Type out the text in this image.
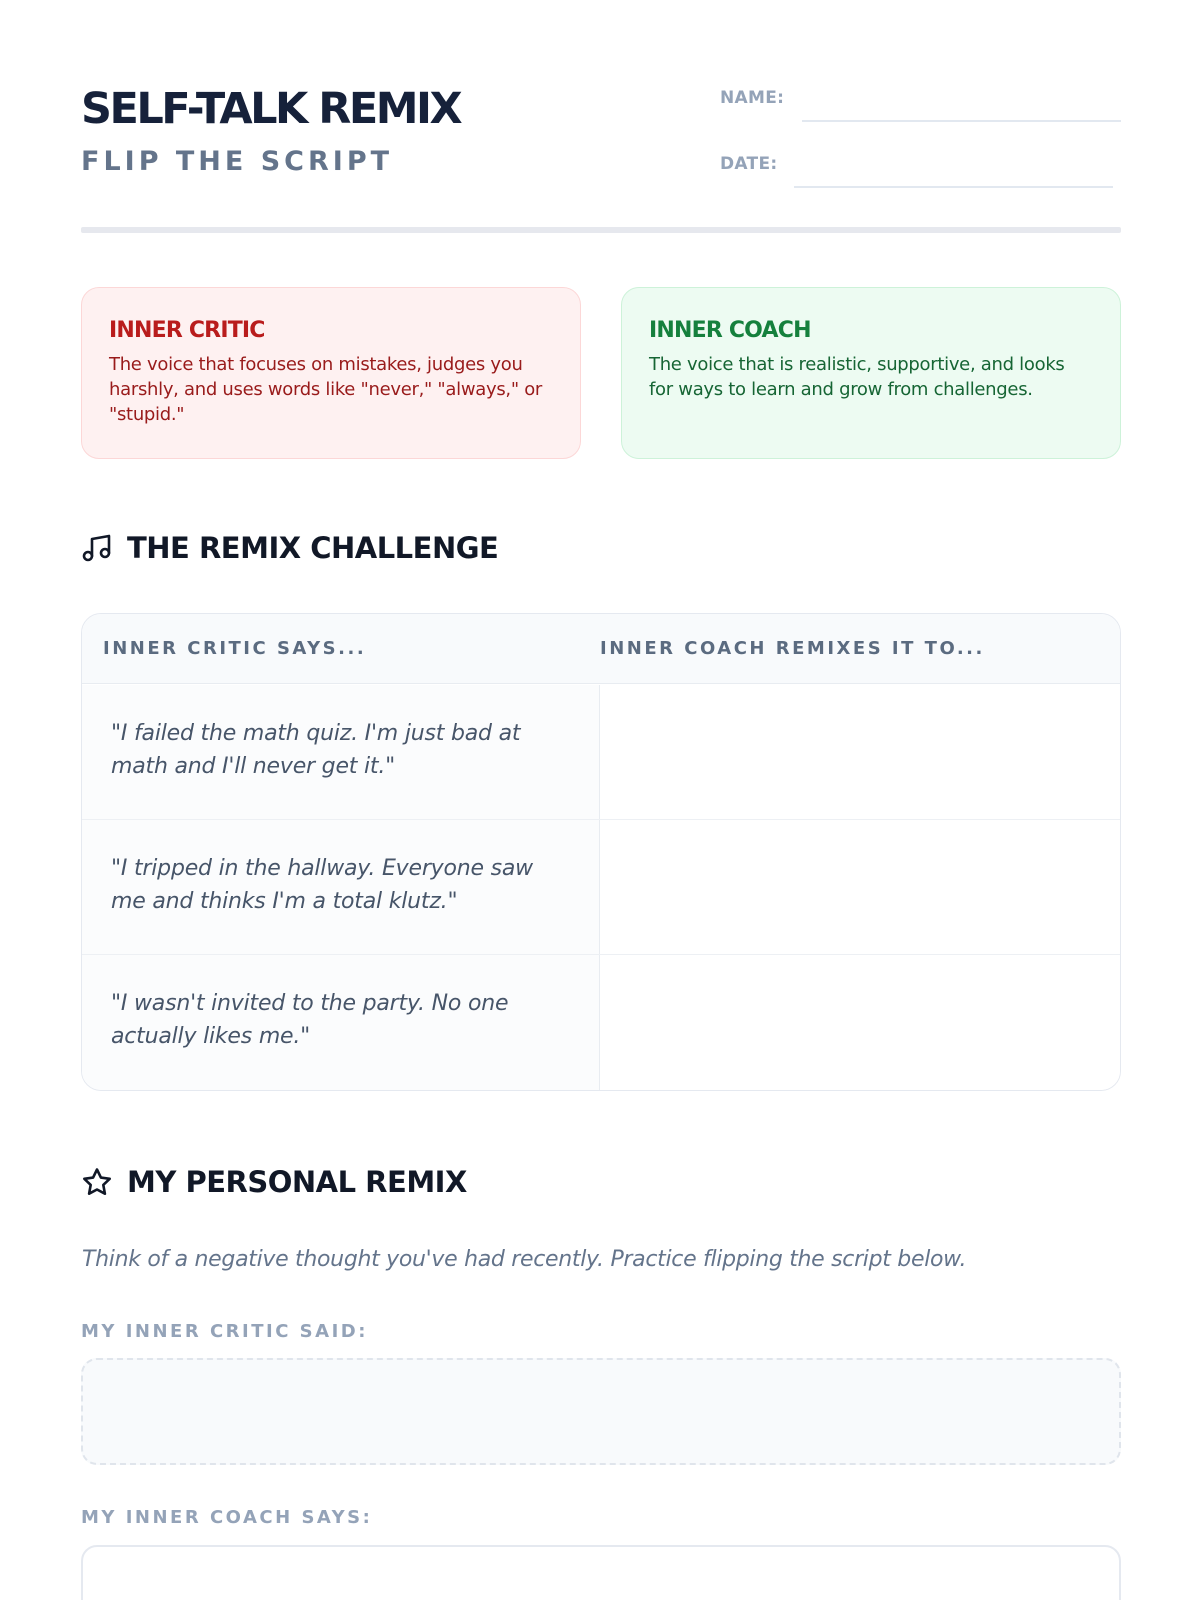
SELF-TALK REMIX
FLIP THE SCRIPT
NAME:
DATE:
INNER CRITIC

The voice that focuses on mistakes, judges you harshly, and uses words like "never," "always," or "stupid."

INNER COACH

The voice that is realistic, supportive, and looks for ways to learn and grow from challenges.

THE REMIX CHALLENGE
INNER CRITIC SAYS...	INNER COACH REMIXES IT TO...
"I failed the math quiz. I'm just bad at math and I'll never get it."
"I tripped in the hallway. Everyone saw me and thinks I'm a total klutz."
"I wasn't invited to the party. No one actually likes me."
MY PERSONAL REMIX
Think of a negative thought you've had recently. Practice flipping the script below.
MY INNER CRITIC SAID:
MY INNER COACH SAYS:
